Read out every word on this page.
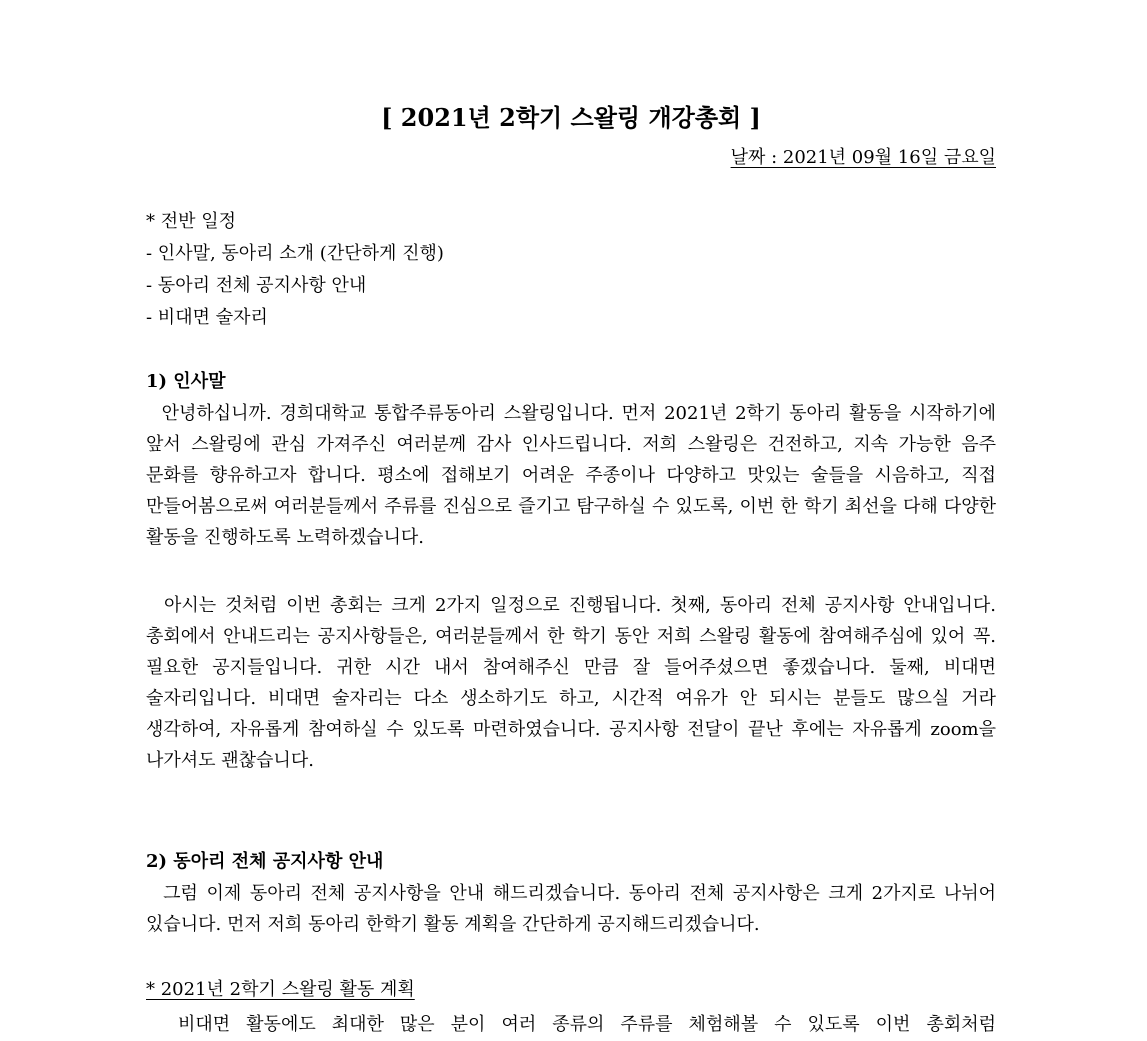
[ 2021년 2학기 스왈링 개강총회 ]
날짜 : 2021년 09월 16일 금요일
* 전반 일정
- 인사말, 동아리 소개 (간단하게 진행)
- 동아리 전체 공지사항 안내
- 비대면 술자리
1) 인사말
안녕하십니까. 경희대학교 통합주류동아리 스왈링입니다. 먼저 2021년 2학기 동아리 활동을 시작하기에 앞서 스왈링에 관심 가져주신 여러분께 감사 인사드립니다. 저희 스왈링은 건전하고, 지속 가능한 음주 문화를 향유하고자 합니다. 평소에 접해보기 어려운 주종이나 다양하고 맛있는 술들을 시음하고, 직접 만들어봄으로써 여러분들께서 주류를 진심으로 즐기고 탐구하실 수 있도록, 이번 한 학기 최선을 다해 다양한 활동을 진행하도록 노력하겠습니다.
아시는 것처럼 이번 총회는 크게 2가지 일정으로 진행됩니다. 첫째, 동아리 전체 공지사항 안내입니다. 총회에서 안내드리는 공지사항들은, 여러분들께서 한 학기 동안 저희 스왈링 활동에 참여해주심에 있어 꼭. 필요한 공지들입니다. 귀한 시간 내서 참여해주신 만큼 잘 들어주셨으면 좋겠습니다. 둘째, 비대면 술자리입니다. 비대면 술자리는 다소 생소하기도 하고, 시간적 여유가 안 되시는 분들도 많으실 거라 생각하여, 자유롭게 참여하실 수 있도록 마련하였습니다. 공지사항 전달이 끝난 후에는 자유롭게 zoom을 나가셔도 괜찮습니다.
2) 동아리 전체 공지사항 안내
그럼 이제 동아리 전체 공지사항을 안내 해드리겠습니다. 동아리 전체 공지사항은 크게 2가지로 나뉘어 있습니다. 먼저 저희 동아리 한학기 활동 계획을 간단하게 공지해드리겠습니다.
* 2021년 2학기 스왈링 활동 계획
비대면 활동에도 최대한 많은 분이 여러 종류의 주류를 체험해볼 수 있도록 이번 총회처럼
